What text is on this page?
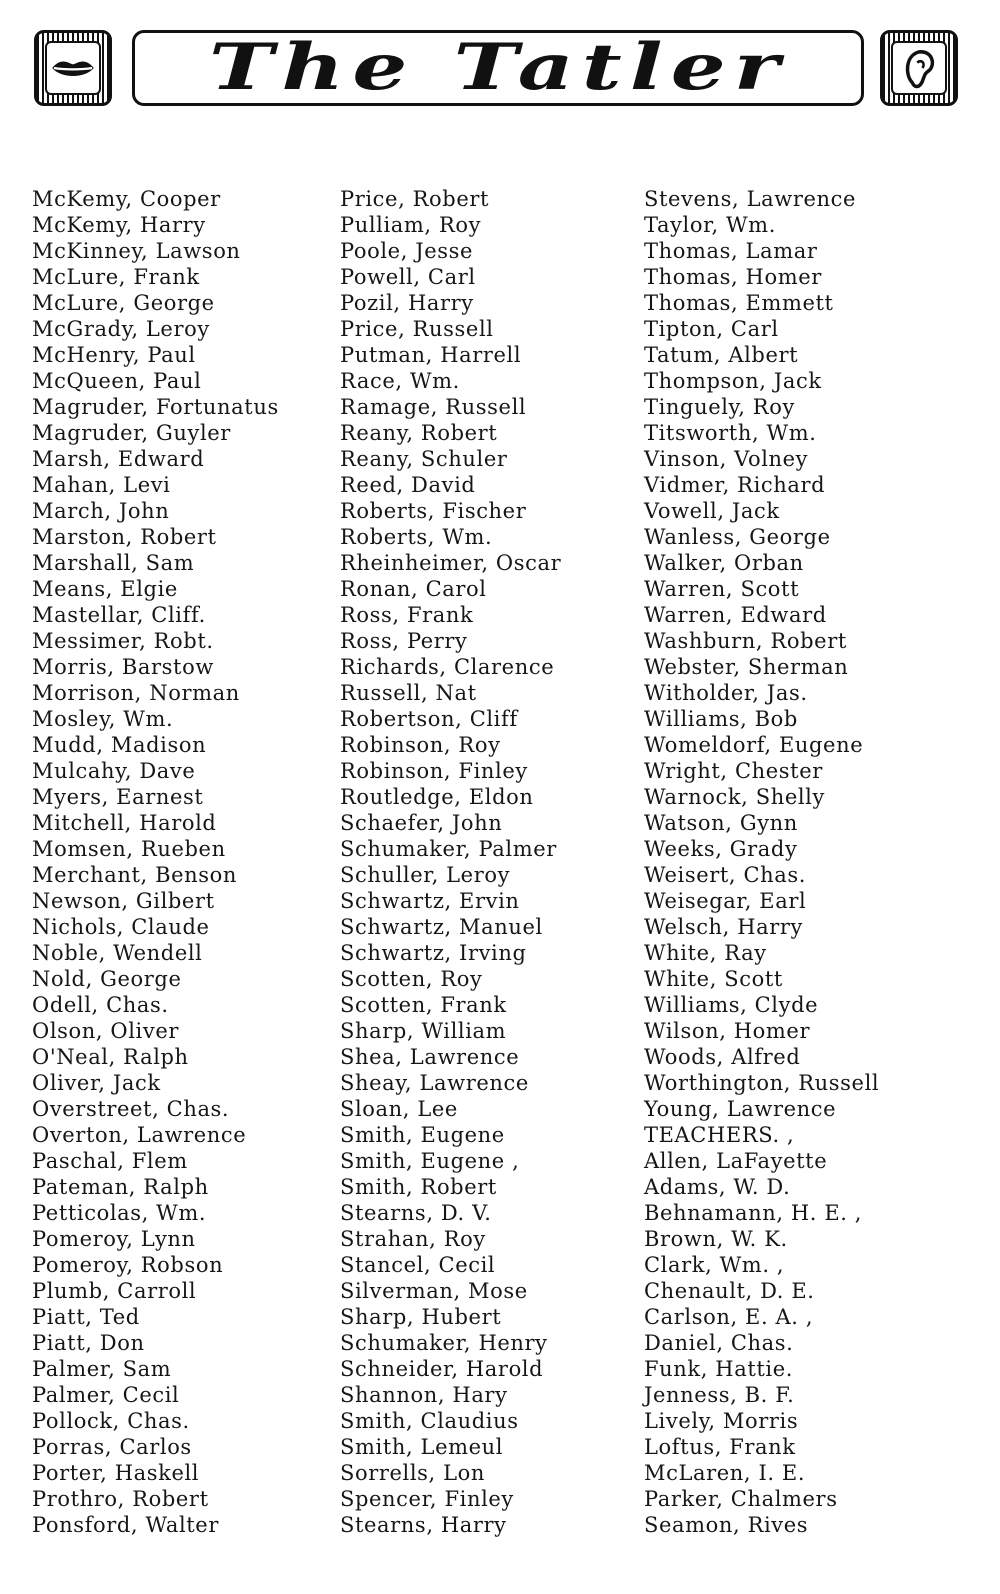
The Tatler
McKemy, Cooper
McKemy, Harry
McKinney, Lawson
McLure, Frank
McLure, George
McGrady, Leroy
McHenry, Paul
McQueen, Paul
Magruder, Fortunatus
Magruder, Guyler
Marsh, Edward
Mahan, Levi
March, John
Marston, Robert
Marshall, Sam
Means, Elgie
Mastellar, Cliff.
Messimer, Robt.
Morris, Barstow
Morrison, Norman
Mosley, Wm.
Mudd, Madison
Mulcahy, Dave
Myers, Earnest
Mitchell, Harold
Momsen, Rueben
Merchant, Benson
Newson, Gilbert
Nichols, Claude
Noble, Wendell
Nold, George
Odell, Chas.
Olson, Oliver
O'Neal, Ralph
Oliver, Jack
Overstreet, Chas.
Overton, Lawrence
Paschal, Flem
Pateman, Ralph
Petticolas, Wm.
Pomeroy, Lynn
Pomeroy, Robson
Plumb, Carroll
Piatt, Ted
Piatt, Don
Palmer, Sam
Palmer, Cecil
Pollock, Chas.
Porras, Carlos
Porter, Haskell
Prothro, Robert
Ponsford, Walter
Price, Robert
Pulliam, Roy
Poole, Jesse
Powell, Carl
Pozil, Harry
Price, Russell
Putman, Harrell
Race, Wm.
Ramage, Russell
Reany, Robert
Reany, Schuler
Reed, David
Roberts, Fischer
Roberts, Wm.
Rheinheimer, Oscar
Ronan, Carol
Ross, Frank
Ross, Perry
Richards, Clarence
Russell, Nat
Robertson, Cliff
Robinson, Roy
Robinson, Finley
Routledge, Eldon
Schaefer, John
Schumaker, Palmer
Schuller, Leroy
Schwartz, Ervin
Schwartz, Manuel
Schwartz, Irving
Scotten, Roy
Scotten, Frank
Sharp, William
Shea, Lawrence
Sheay, Lawrence
Sloan, Lee
Smith, Eugene
Smith, Eugene ,
Smith, Robert
Stearns, D. V.
Strahan, Roy
Stancel, Cecil
Silverman, Mose
Sharp, Hubert
Schumaker, Henry
Schneider, Harold
Shannon, Hary
Smith, Claudius
Smith, Lemeul
Sorrells, Lon
Spencer, Finley
Stearns, Harry
Stevens, Lawrence
Taylor, Wm.
Thomas, Lamar
Thomas, Homer
Thomas, Emmett
Tipton, Carl
Tatum, Albert
Thompson, Jack
Tinguely, Roy
Titsworth, Wm.
Vinson, Volney
Vidmer, Richard
Vowell, Jack
Wanless, George
Walker, Orban
Warren, Scott
Warren, Edward
Washburn, Robert
Webster, Sherman
Witholder, Jas.
Williams, Bob
Womeldorf, Eugene
Wright, Chester
Warnock, Shelly
Watson, Gynn
Weeks, Grady
Weisert, Chas.
Weisegar, Earl
Welsch, Harry
White, Ray
White, Scott
Williams, Clyde
Wilson, Homer
Woods, Alfred
Worthington, Russell
Young, Lawrence
TEACHERS. ,
Allen, LaFayette
Adams, W. D.
Behnamann, H. E. ,
Brown, W. K.
Clark, Wm. ,
Chenault, D. E.
Carlson, E. A. ,
Daniel, Chas.
Funk, Hattie.
Jenness, B. F.
Lively, Morris
Loftus, Frank
McLaren, I. E.
Parker, Chalmers
Seamon, Rives
